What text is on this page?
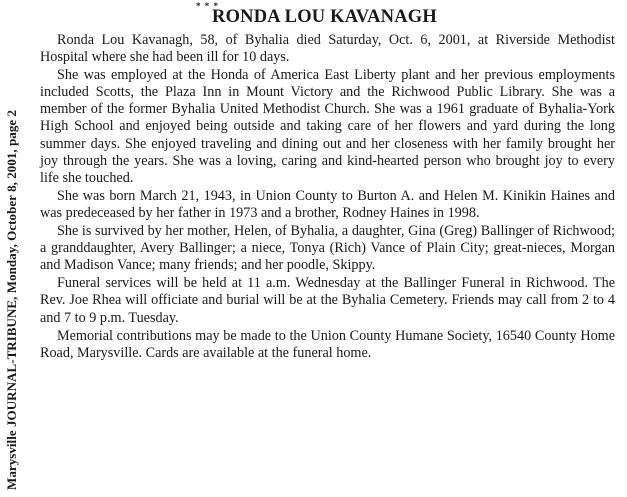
Marysville JOURNAL-TRIBUNE, Monday, October 8, 2001, page 2
* * *
RONDA LOU KAVANAGH

Ronda Lou Kavanagh, 58, of Byhalia died Saturday, Oct. 6, 2001, at Riverside Methodist Hospital where she had been ill for 10 days.

She was employed at the Honda of America East Liberty plant and her previous employments included Scotts, the Plaza Inn in Mount Victory and the Richwood Public Library. She was a member of the former Byhalia United Methodist Church. She was a 1961 graduate of Byhalia-York High School and enjoyed being outside and taking care of her flowers and yard during the long summer days. She enjoyed traveling and dining out and her closeness with her family brought her joy through the years. She was a loving, caring and kind-hearted person who brought joy to every life she touched.

She was born March 21, 1943, in Union County to Burton A. and Helen M. Kinikin Haines and was predeceased by her father in 1973 and a brother, Rodney Haines in 1998.

She is survived by her mother, Helen, of Byhalia, a daughter, Gina (Greg) Ballinger of Richwood; a granddaughter, Avery Ballinger; a niece, Tonya (Rich) Vance of Plain City; great-nieces, Morgan and Madison Vance; many friends; and her poodle, Skippy.

Funeral services will be held at 11 a.m. Wednesday at the Ballinger Funeral in Richwood. The Rev. Joe Rhea will officiate and burial will be at the Byhalia Cemetery. Friends may call from 2 to 4 and 7 to 9 p.m. Tuesday.

Memorial contributions may be made to the Union County Humane Society, 16540 County Home Road, Marysville. Cards are available at the funeral home.
